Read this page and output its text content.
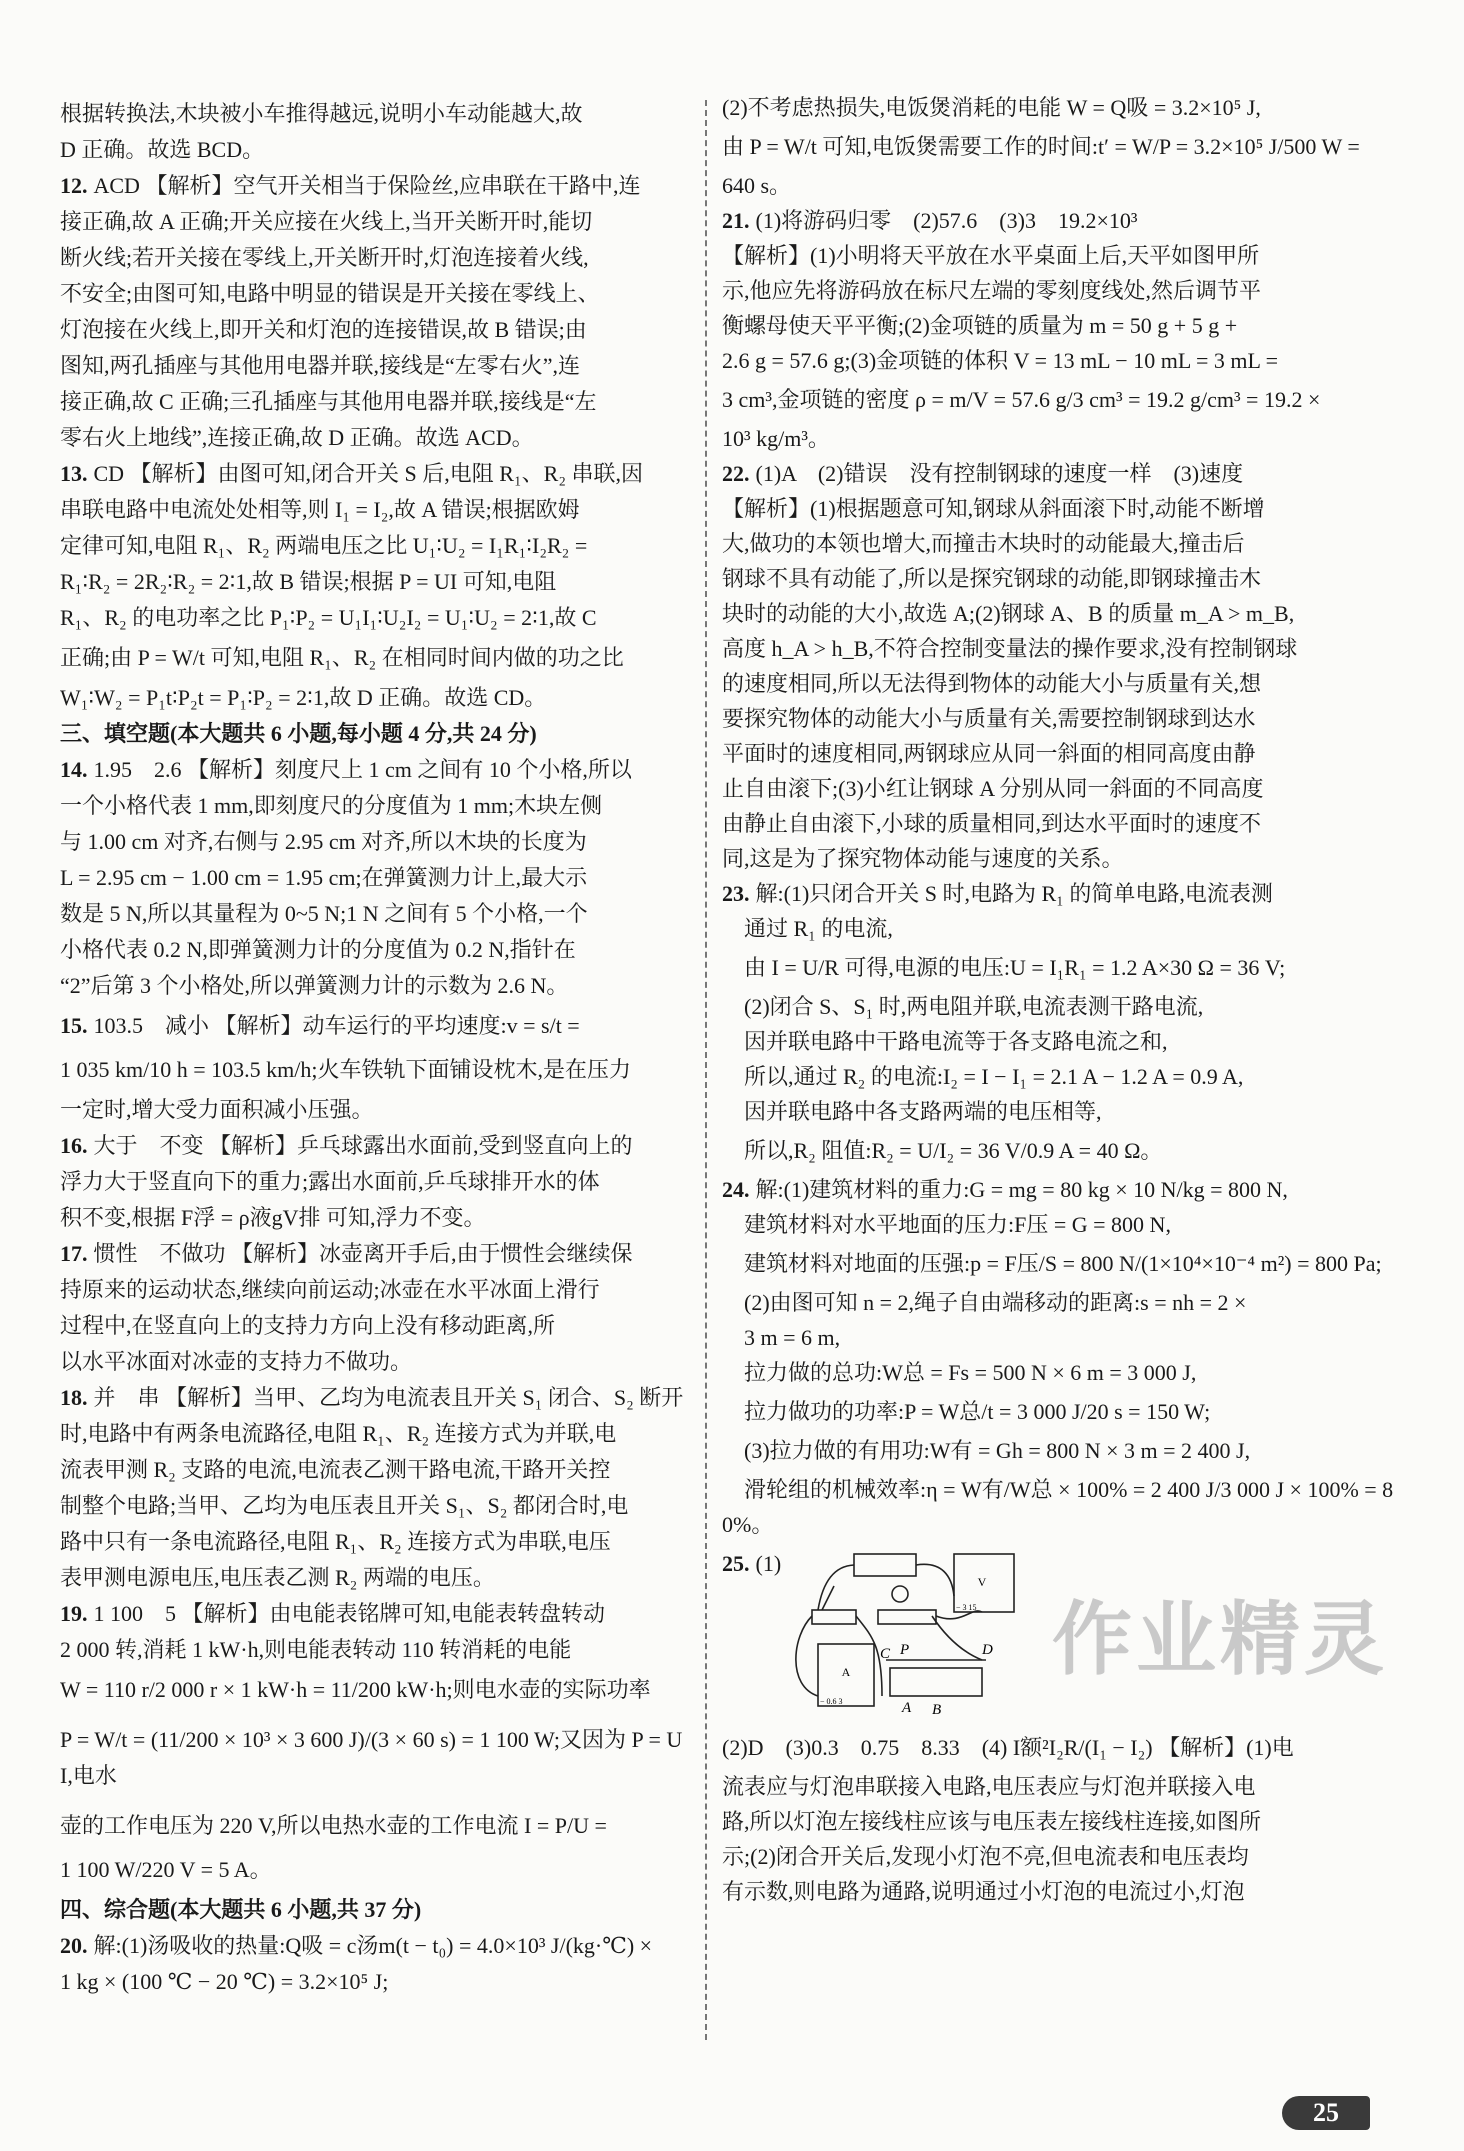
根据转换法,木块被小车推得越远,说明小车动能越大,故
D 正确。故选 BCD。
12. ACD 【解析】空气开关相当于保险丝,应串联在干路中,连
接正确,故 A 正确;开关应接在火线上,当开关断开时,能切
断火线;若开关接在零线上,开关断开时,灯泡连接着火线,
不安全;由图可知,电路中明显的错误是开关接在零线上、
灯泡接在火线上,即开关和灯泡的连接错误,故 B 错误;由
图知,两孔插座与其他用电器并联,接线是“左零右火”,连
接正确,故 C 正确;三孔插座与其他用电器并联,接线是“左
零右火上地线”,连接正确,故 D 正确。故选 ACD。
13. CD 【解析】由图可知,闭合开关 S 后,电阻 R₁、R₂ 串联,因
串联电路中电流处处相等,则 I₁ = I₂,故 A 错误;根据欧姆
定律可知,电阻 R₁、R₂ 两端电压之比 U₁∶U₂ = I₁R₁∶I₂R₂ =
R₁∶R₂ = 2R₂∶R₂ = 2∶1,故 B 错误;根据 P = UI 可知,电阻
R₁、R₂ 的电功率之比 P₁∶P₂ = U₁I₁∶U₂I₂ = U₁∶U₂ = 2∶1,故 C
正确;由 P = W/t 可知,电阻 R₁、R₂ 在相同时间内做的功之比
W₁∶W₂ = P₁t∶P₂t = P₁∶P₂ = 2∶1,故 D 正确。故选 CD。
三、填空题(本大题共 6 小题,每小题 4 分,共 24 分)
14. 1.95　2.6 【解析】刻度尺上 1 cm 之间有 10 个小格,所以
一个小格代表 1 mm,即刻度尺的分度值为 1 mm;木块左侧
与 1.00 cm 对齐,右侧与 2.95 cm 对齐,所以木块的长度为
L = 2.95 cm − 1.00 cm = 1.95 cm;在弹簧测力计上,最大示
数是 5 N,所以其量程为 0~5 N;1 N 之间有 5 个小格,一个
小格代表 0.2 N,即弹簧测力计的分度值为 0.2 N,指针在
“2”后第 3 个小格处,所以弹簧测力计的示数为 2.6 N。
15. 103.5　减小 【解析】动车运行的平均速度:v = s/t =
1 035 km/10 h = 103.5 km/h;火车铁轨下面铺设枕木,是在压力
一定时,增大受力面积减小压强。
16. 大于　不变 【解析】乒乓球露出水面前,受到竖直向上的
浮力大于竖直向下的重力;露出水面前,乒乓球排开水的体
积不变,根据 F浮 = ρ液gV排 可知,浮力不变。
17. 惯性　不做功 【解析】冰壶离开手后,由于惯性会继续保
持原来的运动状态,继续向前运动;冰壶在水平冰面上滑行
过程中,在竖直向上的支持力方向上没有移动距离,所
以水平冰面对冰壶的支持力不做功。
18. 并　串 【解析】当甲、乙均为电流表且开关 S₁ 闭合、S₂ 断开
时,电路中有两条电流路径,电阻 R₁、R₂ 连接方式为并联,电
流表甲测 R₂ 支路的电流,电流表乙测干路电流,干路开关控
制整个电路;当甲、乙均为电压表且开关 S₁、S₂ 都闭合时,电
路中只有一条电流路径,电阻 R₁、R₂ 连接方式为串联,电压
表甲测电源电压,电压表乙测 R₂ 两端的电压。
19. 1 100　5 【解析】由电能表铭牌可知,电能表转盘转动
2 000 转,消耗 1 kW·h,则电能表转动 110 转消耗的电能
W = 110 r/2 000 r × 1 kW·h = 11/200 kW·h;则电水壶的实际功率
P = W/t = (11/200 × 10³ × 3 600 J)/(3 × 60 s) = 1 100 W;又因为 P = UI,电水
壶的工作电压为 220 V,所以电热水壶的工作电流 I = P/U =
1 100 W/220 V = 5 A。
四、综合题(本大题共 6 小题,共 37 分)
20. 解:(1)汤吸收的热量:Q吸 = c汤m(t − t₀) = 4.0×10³ J/(kg·℃) ×
1 kg × (100 ℃ − 20 ℃) = 3.2×10⁵ J;
(2)不考虑热损失,电饭煲消耗的电能 W = Q吸 = 3.2×10⁵ J,
由 P = W/t 可知,电饭煲需要工作的时间:t′ = W/P = 3.2×10⁵ J/500 W =
640 s。
21. (1)将游码归零　(2)57.6　(3)3　19.2×10³
【解析】(1)小明将天平放在水平桌面上后,天平如图甲所
示,他应先将游码放在标尺左端的零刻度线处,然后调节平
衡螺母使天平平衡;(2)金项链的质量为 m = 50 g + 5 g +
2.6 g = 57.6 g;(3)金项链的体积 V = 13 mL − 10 mL = 3 mL =
3 cm³,金项链的密度 ρ = m/V = 57.6 g/3 cm³ = 19.2 g/cm³ = 19.2 ×
10³ kg/m³。
22. (1)A　(2)错误　没有控制钢球的速度一样　(3)速度
【解析】(1)根据题意可知,钢球从斜面滚下时,动能不断增
大,做功的本领也增大,而撞击木块时的动能最大,撞击后
钢球不具有动能了,所以是探究钢球的动能,即钢球撞击木
块时的动能的大小,故选 A;(2)钢球 A、B 的质量 m_A > m_B,
高度 h_A > h_B,不符合控制变量法的操作要求,没有控制钢球
的速度相同,所以无法得到物体的动能大小与质量有关,想
要探究物体的动能大小与质量有关,需要控制钢球到达水
平面时的速度相同,两钢球应从同一斜面的相同高度由静
止自由滚下;(3)小红让钢球 A 分别从同一斜面的不同高度
由静止自由滚下,小球的质量相同,到达水平面时的速度不
同,这是为了探究物体动能与速度的关系。
23. 解:(1)只闭合开关 S 时,电路为 R₁ 的简单电路,电流表测
　通过 R₁ 的电流,
　由 I = U/R 可得,电源的电压:U = I₁R₁ = 1.2 A×30 Ω = 36 V;
　(2)闭合 S、S₁ 时,两电阻并联,电流表测干路电流,
　因并联电路中干路电流等于各支路电流之和,
　所以,通过 R₂ 的电流:I₂ = I − I₁ = 2.1 A − 1.2 A = 0.9 A,
　因并联电路中各支路两端的电压相等,
　所以,R₂ 阻值:R₂ = U/I₂ = 36 V/0.9 A = 40 Ω。
24. 解:(1)建筑材料的重力:G = mg = 80 kg × 10 N/kg = 800 N,
　建筑材料对水平地面的压力:F压 = G = 800 N,
　建筑材料对地面的压强:p = F压/S = 800 N/(1×10⁴×10⁻⁴ m²) = 800 Pa;
　(2)由图可知 n = 2,绳子自由端移动的距离:s = nh = 2 ×
　3 m = 6 m,
　拉力做的总功:W总 = Fs = 500 N × 6 m = 3 000 J,
　拉力做功的功率:P = W总/t = 3 000 J/20 s = 150 W;
　(3)拉力做的有用功:W有 = Gh = 800 N × 3 m = 2 400 J,
　滑轮组的机械效率:η = W有/W总 × 100% = 2 400 J/3 000 J × 100% = 80%。
25. (1)
V
A
− 3 15
− 0.6 3
C P	D
A B
作业精灵
(2)D　(3)0.3　0.75　8.33　(4) I额²I₂R/(I₁ − I₂) 【解析】(1)电
流表应与灯泡串联接入电路,电压表应与灯泡并联接入电
路,所以灯泡左接线柱应该与电压表左接线柱连接,如图所
示;(2)闭合开关后,发现小灯泡不亮,但电流表和电压表均
有示数,则电路为通路,说明通过小灯泡的电流过小,灯泡
25
